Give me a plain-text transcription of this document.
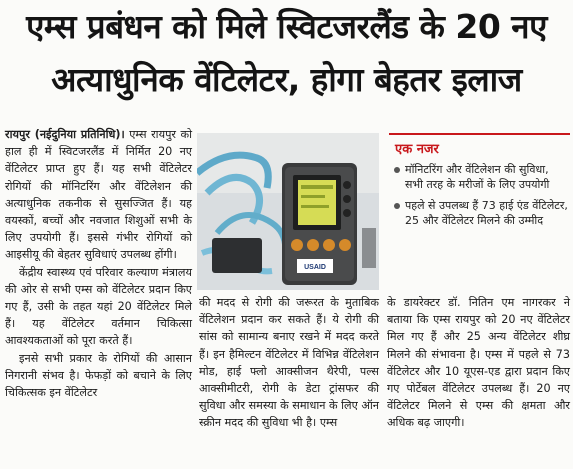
एम्स प्रबंधन को मिले स्विटजरलैंड के 20 नए
अत्याधुनिक वेंटिलेटर, होगा बेहतर इलाज

रायपुर (नईदुनिया प्रतिनिधि)। एम्स रायपुर को हाल ही में स्विटजरलैंड में निर्मित 20 नए वेंटिलेटर प्राप्त हुए हैं। यह सभी वेंटिलेटर रोगियों की मॉनिटरिंग और वेंटिलेशन की अत्याधुनिक तकनीक से सुसज्जित हैं। यह वयस्कों, बच्चों और नवजात शिशुओं सभी के लिए उपयोगी हैं। इससे गंभीर रोगियों को आइसीयू की बेहतर सुविधाएं उपलब्ध होंगी।

केंद्रीय स्वास्थ्य एवं परिवार कल्याण मंत्रालय की ओर से सभी एम्स को वेंटिलेटर प्रदान किए गए हैं, उसी के तहत यहां 20 वेंटिलेटर मिले हैं। यह वेंटिलेटर वर्तमान चिकित्सा आवश्यकताओं को पूरा करते हैं।

इनसे सभी प्रकार के रोगियों की आसान निगरानी संभव है। फेफड़ों को बचाने के लिए चिकित्सक इन वेंटिलेटर

USAID
एक नजर
मॉनिटरिंग और वेंटिलेशन की सुविधा, सभी तरह के मरीजों के लिए उपयोगी
पहले से उपलब्ध हैं 73 हाई एंड वेंटिलेटर, 25 और वेंटिलेटर मिलने की उम्मीद
की मदद से रोगी की जरूरत के मुताबिक वेंटिलेशन प्रदान कर सकते हैं। ये रोगी की सांस को सामान्य बनाए रखने में मदद करते हैं। इन हैमिल्टन वेंटिलेटर में विभिन्न वेंटिलेशन मोड, हाई फ्लो आक्सीजन थैरेपी, पल्स आक्सीमीटरी, रोगी के डेटा ट्रांसफर की सुविधा और समस्या के समाधान के लिए ऑन स्क्रीन मदद की सुविधा भी है। एम्स
के डायरेक्टर डॉ. नितिन एम नागरकर ने बताया कि एम्स रायपुर को 20 नए वेंटिलेटर मिल गए हैं और 25 अन्य वेंटिलेटर शीघ्र मिलने की संभावना है। एम्स में पहले से 73 वेंटिलेटर और 10 यूएस-एड द्वारा प्रदान किए गए पोर्टेबल वेंटिलेटर उपलब्ध हैं। 20 नए वेंटिलेटर मिलने से एम्स की क्षमता और अधिक बढ़ जाएगी।
